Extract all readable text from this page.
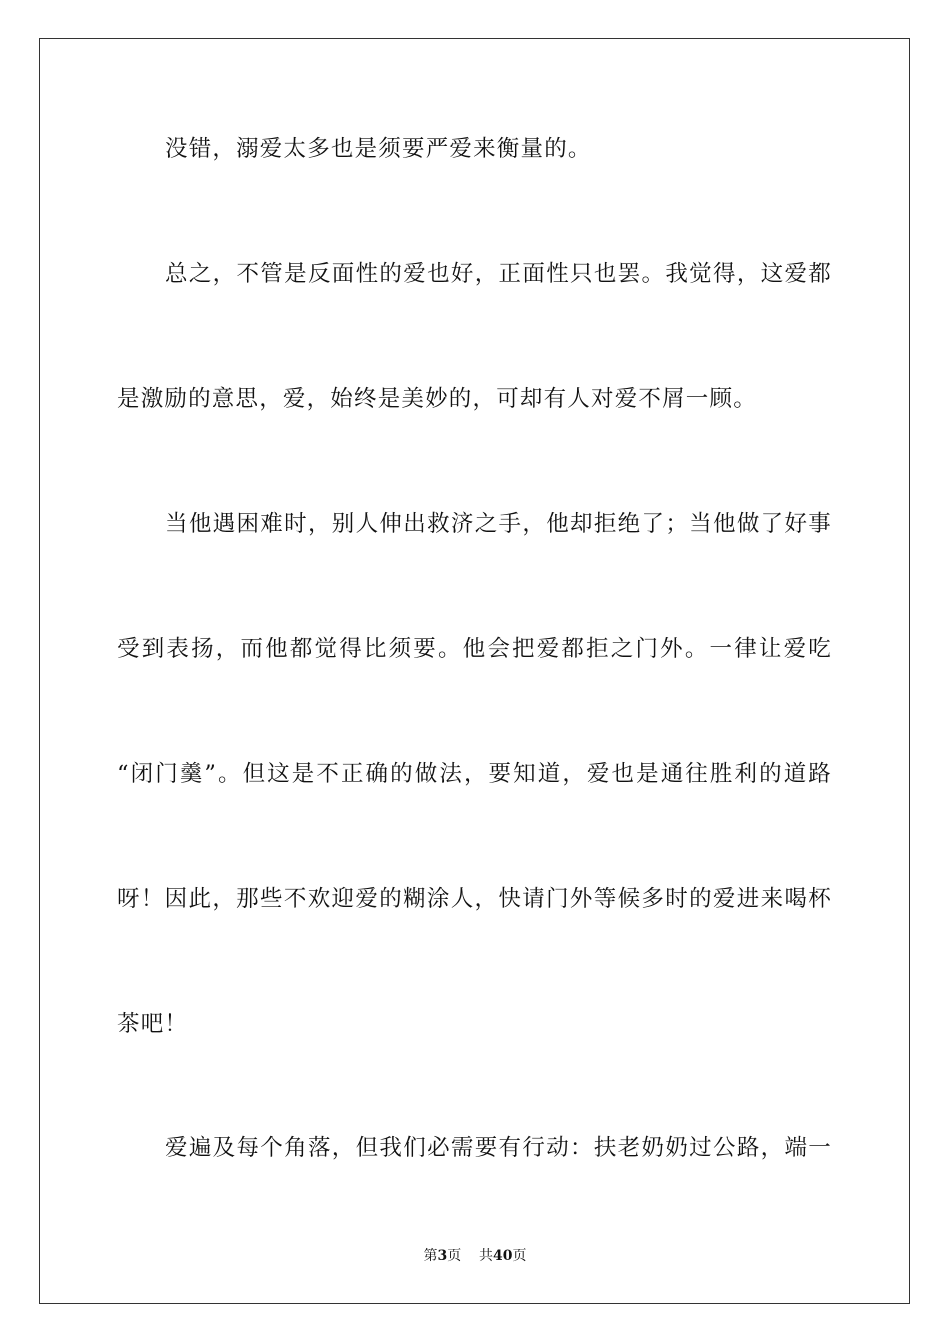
没错，溺爱太多也是须要严爱来衡量的。
总之，不管是反面性的爱也好，正面性只也罢。我觉得，这爱都
是激励的意思，爱，始终是美妙的，可却有人对爱不屑一顾。
当他遇困难时，别人伸出救济之手，他却拒绝了；当他做了好事
受到表扬，而他都觉得比须要。他会把爱都拒之门外。一律让爱吃
“闭门羹”。但这是不正确的做法，要知道，爱也是通往胜利的道路
呀！因此，那些不欢迎爱的糊涂人，快请门外等候多时的爱进来喝杯
茶吧！
爱遍及每个角落，但我们必需要有行动：扶老奶奶过公路，端一
第3页 共40页
